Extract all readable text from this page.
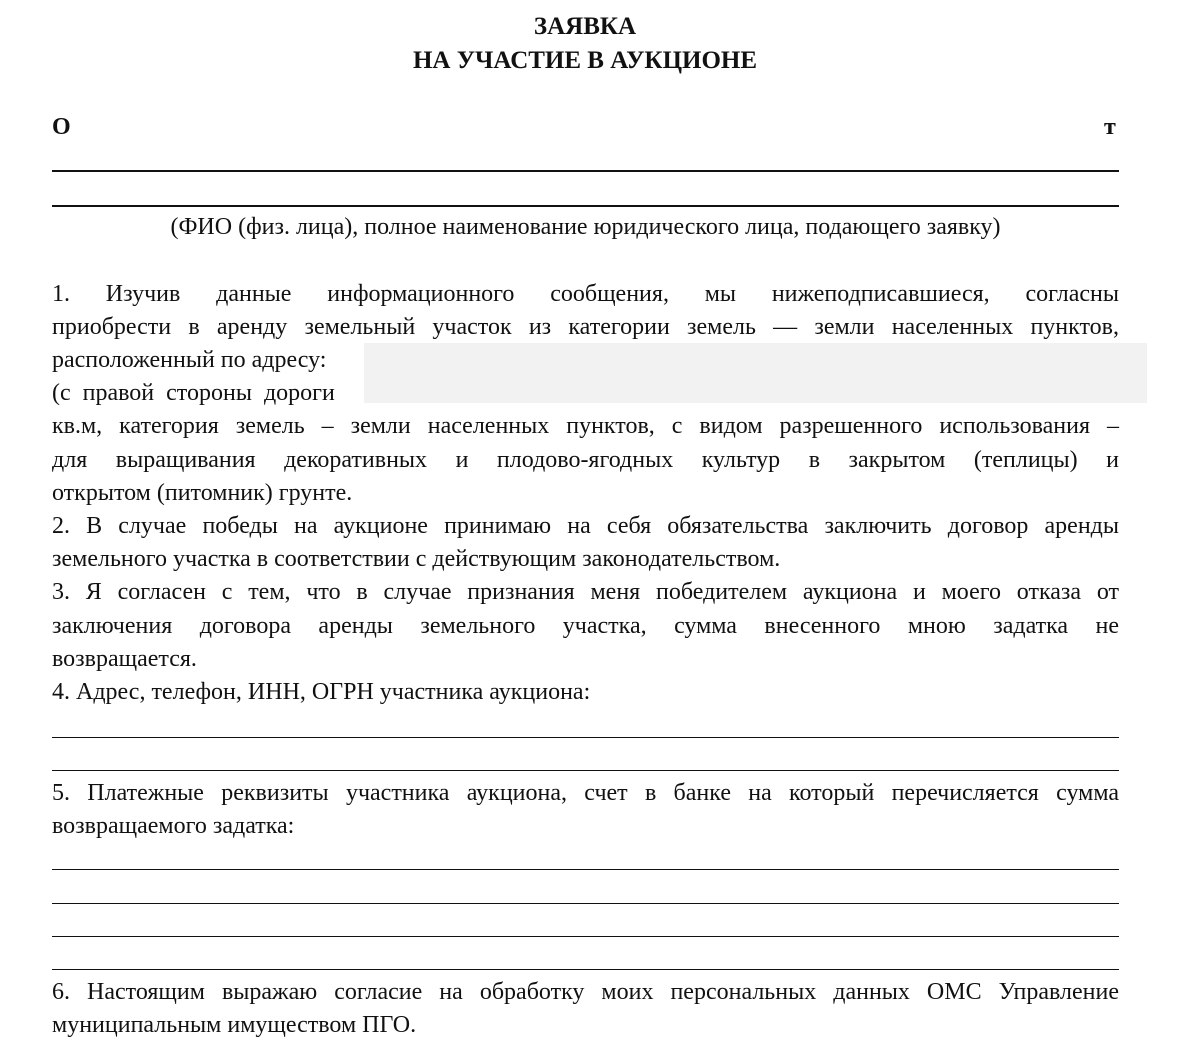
ЗАЯВКА
НА УЧАСТИЕ В АУКЦИОНЕ
О	т
(ФИО (физ. лица), полное наименование юридического лица, подающего заявку)
1. Изучив данные информационного сообщения, мы нижеподписавшиеся, согласны
приобрести в аренду земельный участок из категории земель — земли населенных пунктов,
расположенный по адресу:
(с правой стороны дороги
кв.м, категория земель – земли населенных пунктов, с видом разрешенного использования –
для выращивания декоративных и плодово-ягодных культур в закрытом (теплицы) и
открытом (питомник) грунте.
2. В случае победы на аукционе принимаю на себя обязательства заключить договор аренды
земельного участка в соответствии с действующим законодательством.
3. Я согласен с тем, что в случае признания меня победителем аукциона и моего отказа от
заключения договора аренды земельного участка, сумма внесенного мною задатка не
возвращается.
4. Адрес, телефон, ИНН, ОГРН участника аукциона:
5. Платежные реквизиты участника аукциона, счет в банке на который перечисляется сумма
возвращаемого задатка:
6. Настоящим выражаю согласие на обработку моих персональных данных ОМС Управление
муниципальным имуществом ПГО.
